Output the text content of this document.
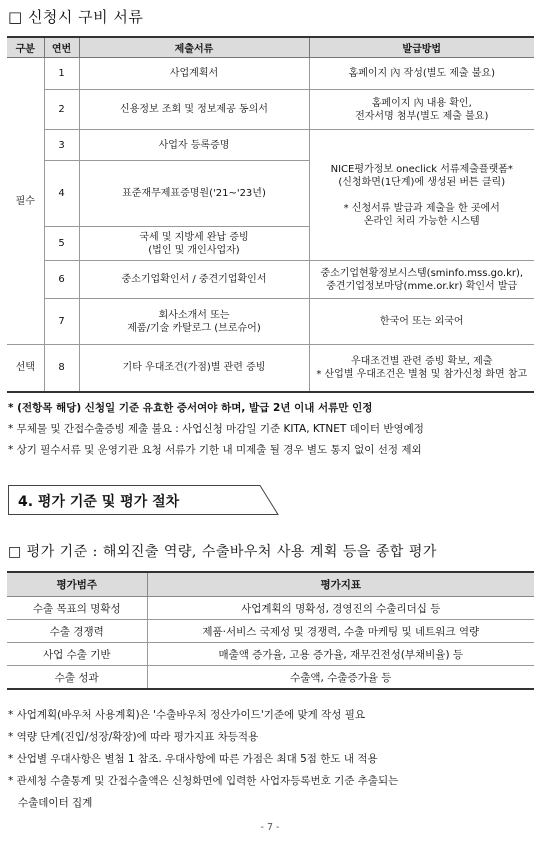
□ 신청시 구비 서류
구분	연번	제출서류	발급방법
필수	1	사업계획서	홈페이지 內 작성(별도 제출 불요)
	2	신용정보 조회 및 정보제공 동의서	홈페이지 內 내용 확인,
전자서명 첨부(별도 제출 불요)
	3	사업자 등록증명	NICE평가정보 oneclick 서류제출플랫폼*
(신청화면(1단계)에 생성된 버튼 클릭)

* 신청서류 발급과 제출을 한 곳에서
온라인 처리 가능한 시스템
	4	표준재무제표증명원('21~'23년)	
	5	국세 및 지방세 완납 증빙
(법인 및 개인사업자)	
	6	중소기업확인서 / 중견기업확인서	중소기업현황정보시스템(sminfo.mss.go.kr),
중견기업정보마당(mme.or.kr) 확인서 발급
	7	회사소개서 또는
제품/기술 카탈로그 (브로슈어)	한국어 또는 외국어
선택	8	기타 우대조건(가점)별 관련 증빙	우대조건별 관련 증빙 확보, 제출
* 산업별 우대조건은 별첨 및 참가신청 화면 참고
* (전항목 해당) 신청일 기준 유효한 증서여야 하며, 발급 2년 이내 서류만 인정
* 무체물 및 간접수출증빙 제출 불요 : 사업신청 마감일 기준 KITA, KTNET 데이터 반영예정
* 상기 필수서류 및 운영기관 요청 서류가 기한 내 미제출 될 경우 별도 통지 없이 선정 제외
4. 평가 기준 및 평가 절차
□ 평가 기준 : 해외진출 역량, 수출바우처 사용 계획 등을 종합 평가
평가범주	평가지표
수출 목표의 명확성	사업계획의 명확성, 경영진의 수출리더십 등
수출 경쟁력	제품·서비스 국제성 및 경쟁력, 수출 마케팅 및 네트워크 역량
사업 수출 기반	매출액 증가율, 고용 증가율, 재무건전성(부채비율) 등
수출 성과	수출액, 수출증가율 등
* 사업계획(바우처 사용계획)은 '수출바우처 정산가이드'기준에 맞게 작성 필요
* 역량 단계(진입/성장/확장)에 따라 평가지표 차등적용
* 산업별 우대사항은 별첨 1 참조. 우대사항에 따른 가점은 최대 5점 한도 내 적용
* 관세청 수출통계 및 간접수출액은 신청화면에 입력한 사업자등록번호 기준 추출되는
수출데이터 집계
- 7 -
